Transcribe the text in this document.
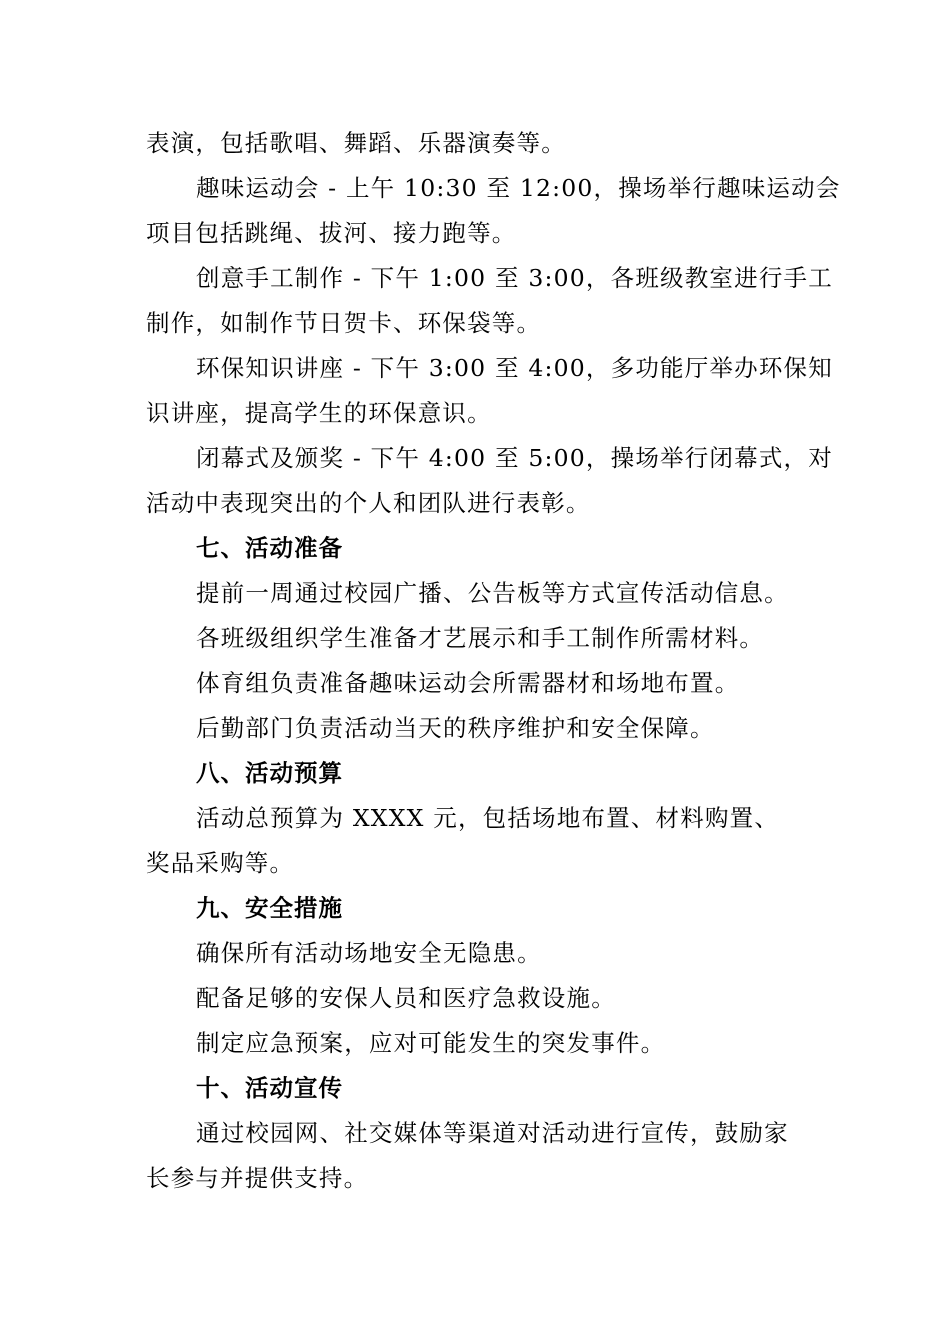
表演，包括歌唱、舞蹈、乐器演奏等。

趣味运动会 - 上午 10:30 至 12:00，操场举行趣味运动会

项目包括跳绳、拔河、接力跑等。

创意手工制作 - 下午 1:00 至 3:00，各班级教室进行手工

制作，如制作节日贺卡、环保袋等。

环保知识讲座 - 下午 3:00 至 4:00，多功能厅举办环保知

识讲座，提高学生的环保意识。

闭幕式及颁奖 - 下午 4:00 至 5:00，操场举行闭幕式，对

活动中表现突出的个人和团队进行表彰。

七、活动准备

提前一周通过校园广播、公告板等方式宣传活动信息。

各班级组织学生准备才艺展示和手工制作所需材料。

体育组负责准备趣味运动会所需器材和场地布置。

后勤部门负责活动当天的秩序维护和安全保障。

八、活动预算

活动总预算为 XXXX 元，包括场地布置、材料购置、

奖品采购等。

九、安全措施

确保所有活动场地安全无隐患。

配备足够的安保人员和医疗急救设施。

制定应急预案，应对可能发生的突发事件。

十、活动宣传

通过校园网、社交媒体等渠道对活动进行宣传，鼓励家

长参与并提供支持。
